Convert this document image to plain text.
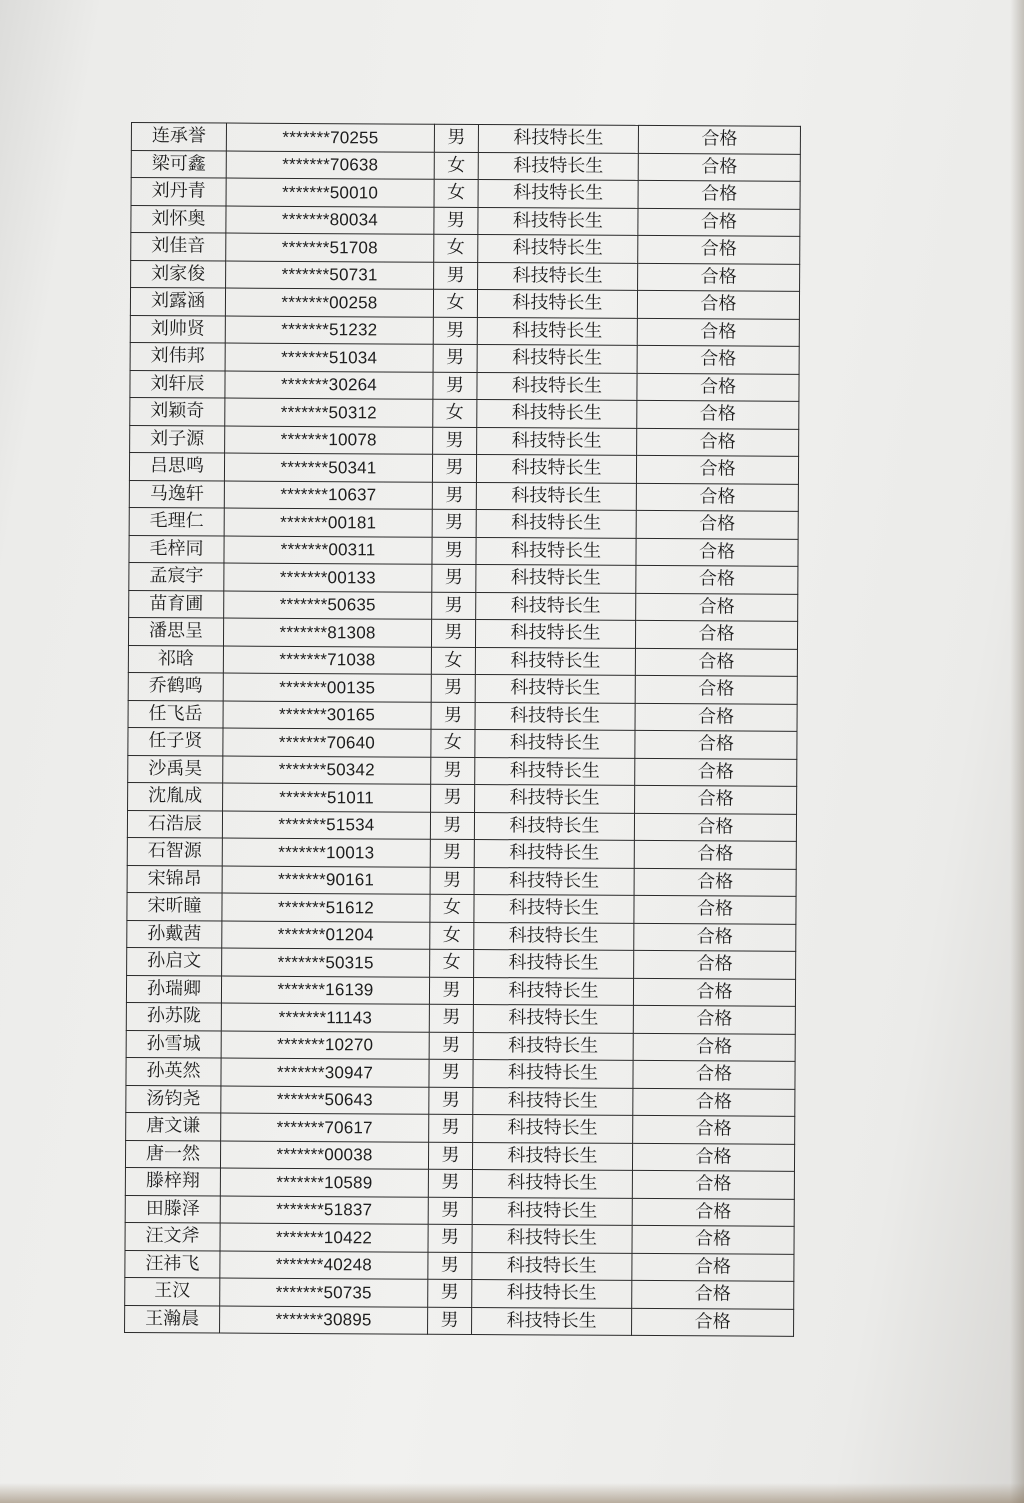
连承誉	*******70255	男	科技特长生	合格
梁可鑫	*******70638	女	科技特长生	合格
刘丹青	*******50010	女	科技特长生	合格
刘怀奥	*******80034	男	科技特长生	合格
刘佳音	*******51708	女	科技特长生	合格
刘家俊	*******50731	男	科技特长生	合格
刘露涵	*******00258	女	科技特长生	合格
刘帅贤	*******51232	男	科技特长生	合格
刘伟邦	*******51034	男	科技特长生	合格
刘轩辰	*******30264	男	科技特长生	合格
刘颖奇	*******50312	女	科技特长生	合格
刘子源	*******10078	男	科技特长生	合格
吕思鸣	*******50341	男	科技特长生	合格
马逸轩	*******10637	男	科技特长生	合格
毛理仁	*******00181	男	科技特长生	合格
毛梓同	*******00311	男	科技特长生	合格
孟宸宇	*******00133	男	科技特长生	合格
苗育圃	*******50635	男	科技特长生	合格
潘思呈	*******81308	男	科技特长生	合格
祁晗	*******71038	女	科技特长生	合格
乔鹤鸣	*******00135	男	科技特长生	合格
任飞岳	*******30165	男	科技特长生	合格
任子贤	*******70640	女	科技特长生	合格
沙禹昊	*******50342	男	科技特长生	合格
沈胤成	*******51011	男	科技特长生	合格
石浩辰	*******51534	男	科技特长生	合格
石智源	*******10013	男	科技特长生	合格
宋锦昂	*******90161	男	科技特长生	合格
宋昕瞳	*******51612	女	科技特长生	合格
孙戴茜	*******01204	女	科技特长生	合格
孙启文	*******50315	女	科技特长生	合格
孙瑞卿	*******16139	男	科技特长生	合格
孙苏陇	*******11143	男	科技特长生	合格
孙雪城	*******10270	男	科技特长生	合格
孙英然	*******30947	男	科技特长生	合格
汤钧尧	*******50643	男	科技特长生	合格
唐文谦	*******70617	男	科技特长生	合格
唐一然	*******00038	男	科技特长生	合格
滕梓翔	*******10589	男	科技特长生	合格
田滕泽	*******51837	男	科技特长生	合格
汪文斧	*******10422	男	科技特长生	合格
汪祎飞	*******40248	男	科技特长生	合格
王汉	*******50735	男	科技特长生	合格
王瀚晨	*******30895	男	科技特长生	合格
